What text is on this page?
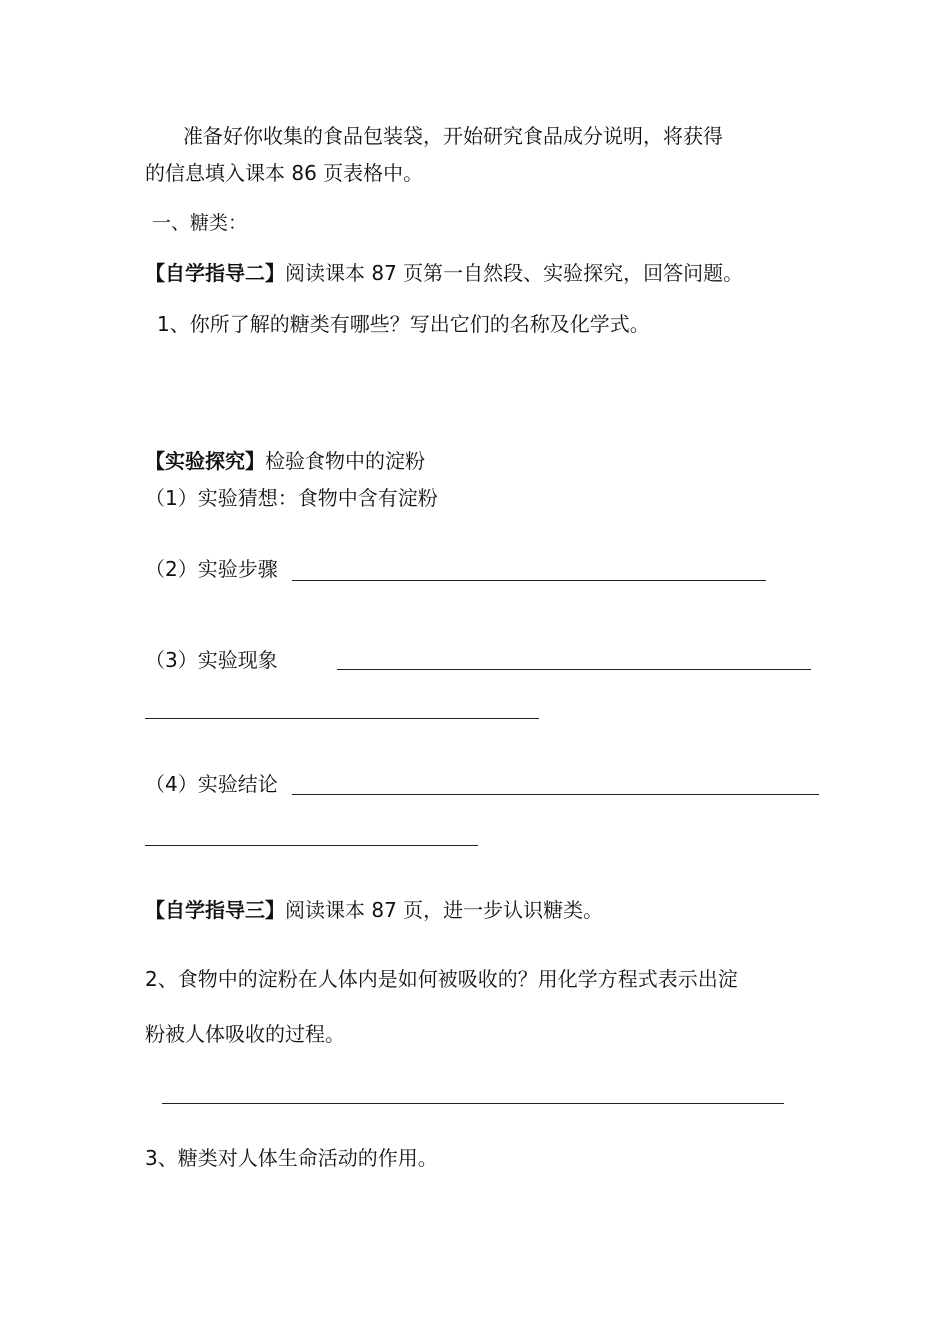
准备好你收集的食品包装袋，开始研究食品成分说明，将获得
的信息填入课本 86 页表格中。
一、糖类：
【自学指导二】阅读课本 87 页第一自然段、实验探究，回答问题。
1、你所了解的糖类有哪些？写出它们的名称及化学式。
【实验探究】检验食物中的淀粉
（1）实验猜想：食物中含有淀粉
（2）实验步骤
（3）实验现象
（4）实验结论
【自学指导三】阅读课本 87 页，进一步认识糖类。
2、食物中的淀粉在人体内是如何被吸收的？用化学方程式表示出淀
粉被人体吸收的过程。
3、糖类对人体生命活动的作用。
